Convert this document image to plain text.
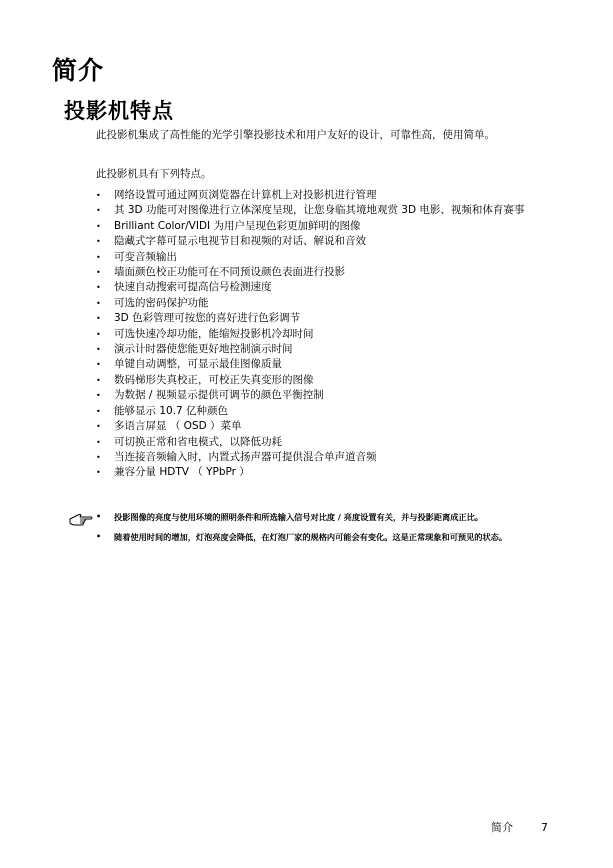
简介
投影机特点

此投影机集成了高性能的光学引擎投影技术和用户友好的设计，可靠性高，使用简单。

此投影机具有下列特点。

• 网络设置可通过网页浏览器在计算机上对投影机进行管理
• 其 3D 功能可对图像进行立体深度呈现，让您身临其境地观赏 3D 电影、视频和体育赛事
• Brilliant Color/VIDI 为用户呈现色彩更加鲜明的图像
• 隐藏式字幕可显示电视节目和视频的对话、解说和音效
• 可变音频输出
• 墙面颜色校正功能可在不同预设颜色表面进行投影
• 快速自动搜索可提高信号检测速度
• 可选的密码保护功能
• 3D 色彩管理可按您的喜好进行色彩调节
• 可选快速冷却功能，能缩短投影机冷却时间
• 演示计时器使您能更好地控制演示时间
• 单键自动调整，可显示最佳图像质量
• 数码梯形失真校正，可校正失真变形的图像
• 为数据 / 视频显示提供可调节的颜色平衡控制
• 能够显示 10.7 亿种颜色
• 多语言屏显 （ OSD ）菜单
• 可切换正常和省电模式，以降低功耗
• 当连接音频输入时，内置式扬声器可提供混合单声道音频
• 兼容分量 HDTV （ YPbPr ）
• 投影图像的亮度与使用环境的照明条件和所选输入信号对比度 / 亮度设置有关，并与投影距离成正比。
• 随着使用时间的增加，灯泡亮度会降低，在灯泡厂家的规格内可能会有变化。这是正常现象和可预见的状态。
简介	7
